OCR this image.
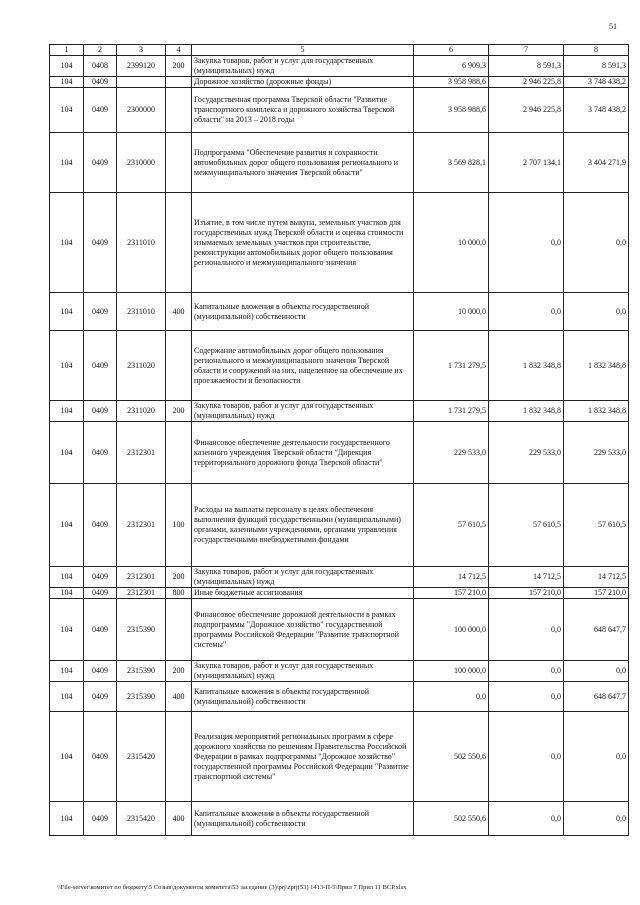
51
1	2	3	4	5	6	7	8
104	0408	2399120	200	Закупка товаров, работ и услуг для государственных (муниципальных) нужд	6 909,3	8 591,3	8 591,3
104	0409			Дорожное хозяйство (дорожные фонды)	3 958 988,6	2 946 225,8	3 748 438,2
104	0409	2300000		Государственная программа Тверской области "Развитие транспортного комплекса и дорожного хозяйства Тверской области" на 2013 – 2018 годы	3 958 988,6	2 946 225,8	3 748 438,2
104	0409	2310000		Подпрограмма "Обеспечение развития и сохранности автомобильных дорог общего пользования регионального и межмуниципального значения Тверской области"	3 569 828,1	2 707 134,1	3 404 271,9
104	0409	2311010		Изъятие, в том числе путем выкупа, земельных участков для государственных нужд Тверской области и оценка стоимости изымаемых земельных участков при строительстве, реконструкции автомобильных дорог общего пользования регионального и межмуниципального значения	10 000,0	0,0	0,0
104	0409	2311010	400	Капитальные вложения в объекты государственной (муниципальной) собственности	10 000,0	0,0	0,0
104	0409	2311020		Содержание автомобильных дорог общего пользования регионального и межмуниципального значения Тверской области и сооружений на них, нацеленное на обеспечение их проезжаемости и безопасности	1 731 279,5	1 832 348,8	1 832 348,8
104	0409	2311020	200	Закупка товаров, работ и услуг для государственных (муниципальных) нужд	1 731 279,5	1 832 348,8	1 832 348,8
104	0409	2312301		Финансовое обеспечение деятельности государственного казенного учреждения Тверской области "Дирекция территориального дорожного фонда Тверской области"	229 533,0	229 533,0	229 533,0
104	0409	2312301	100	Расходы на выплаты персоналу в целях обеспечения выполнения функций государственными (муниципальными) органами, казенными учреждениями, органами управления государственными внебюджетными фондами	57 610,5	57 610,5	57 610,5
104	0409	2312301	200	Закупка товаров, работ и услуг для государственных (муниципальных) нужд	14 712,5	14 712,5	14 712,5
104	0409	2312301	800	Иные бюджетные ассигнования	157 210,0	157 210,0	157 210,0
104	0409	2315390		Финансовое обеспечение дорожной деятельности в рамках подпрограммы "Дорожное хозяйство" государственной программы Российской Федерации "Развитие транспортной системы"	100 000,0	0,0	648 647,7
104	0409	2315390	200	Закупка товаров, работ и услуг для государственных (муниципальных) нужд	100 000,0	0,0	0,0
104	0409	2315390	400	Капитальные вложения в объекты государственной (муниципальной) собственности	0,0	0,0	648 647,7
104	0409	2315420		Реализация мероприятий региональных программ в сфере дорожного хозяйства по решениям Правительства Российской Федерации в рамках подпрограммы "Дорожное хозяйство" государственной программы Российской Федерации "Развитие транспортной системы"	502 550,6	0,0	0,0
104	0409	2315420	400	Капитальные вложения в объекты государственной (муниципальной) собственности	502 550,6	0,0	0,0
\\File-server\комитет по бюджету\5 Созыв\документы комитета\53 заседание (3)\prj\zprj(53) 1413-П-5\Прил 7 Прил 11 ВСР.xlsx
